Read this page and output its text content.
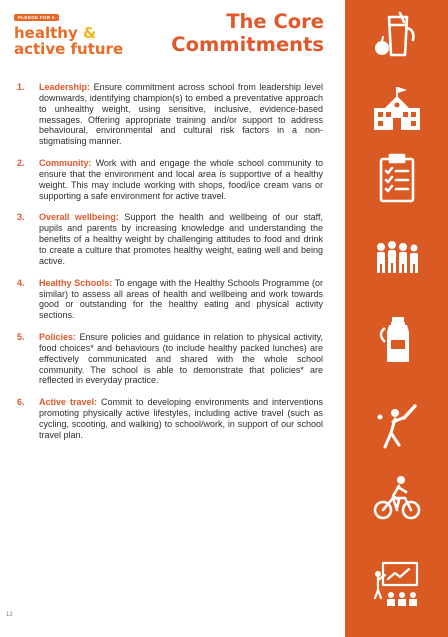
PLEDGE FOR A
healthy &
active future
The Core
Commitments
1.	Leadership: Ensure commitment across school from leadership level downwards, identifying champion(s) to embed a preventative approach to unhealthy weight, using sensitive, inclusive, evidence-based messages. Offering appropriate training and/or support to address behavioural, environmental and cultural risk factors in a non-stigmatising manner.
2.	Community: Work with and engage the whole school community to ensure that the environment and local area is supportive of a healthy weight. This may include working with shops, food/ice cream vans or supporting a safe environment for active travel.
3.	Overall wellbeing: Support the health and wellbeing of our staff, pupils and parents by increasing knowledge and understanding the benefits of a healthy weight by challenging attitudes to food and drink to create a culture that promotes healthy weight, eating well and being active.
4.	Healthy Schools: To engage with the Healthy Schools Programme (or similar) to assess all areas of health and wellbeing and work towards good or outstanding for the healthy eating and physical activity sections.
5.	Policies: Ensure policies and guidance in relation to physical activity, food choices* and behaviours (to include healthy packed lunches) are effectively communicated and shared with the whole school community. The school is able to demonstrate that policies* are reflected in everyday practice.
6.	Active travel: Commit to developing environments and interventions promoting physically active lifestyles, including active travel (such as cycling, scooting, and walking) to school/work, in support of our school travel plan.
12
